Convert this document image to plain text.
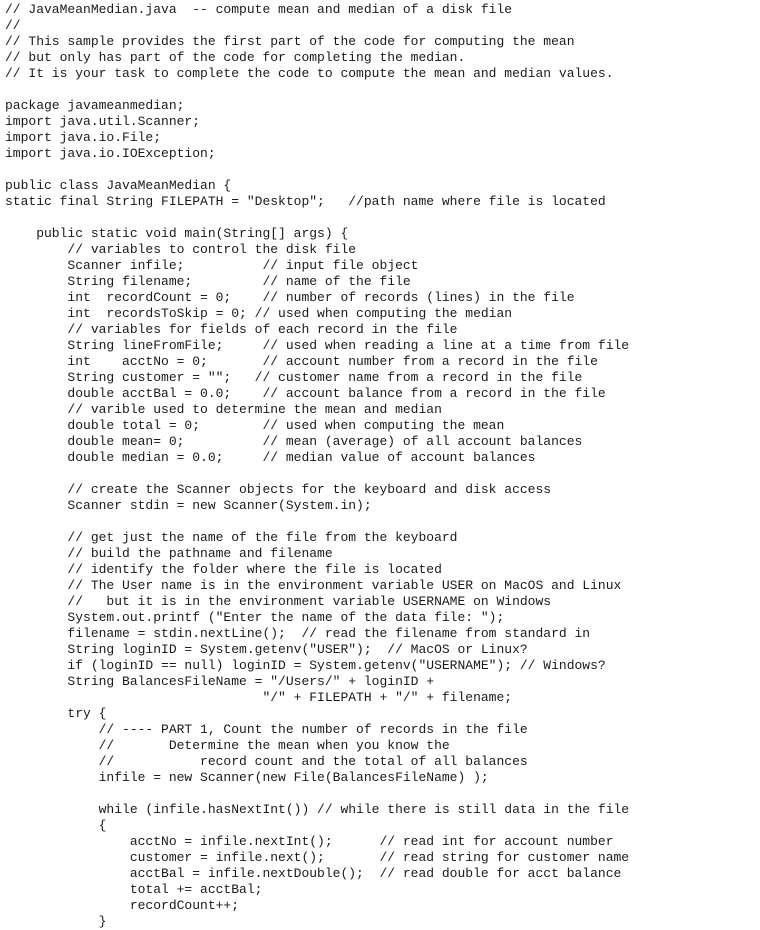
// JavaMeanMedian.java  -- compute mean and median of a disk file
//
// This sample provides the first part of the code for computing the mean
// but only has part of the code for completing the median.
// It is your task to complete the code to compute the mean and median values.
package javameanmedian;
import java.util.Scanner;
import java.io.File;
import java.io.IOException;
public class JavaMeanMedian {
static final String FILEPATH = "Desktop";   //path name where file is located
public static void main(String[] args) {
// variables to control the disk file
Scanner infile;          // input file object
String filename;         // name of the file
int  recordCount = 0;    // number of records (lines) in the file
int  recordsToSkip = 0; // used when computing the median
// variables for fields of each record in the file
String lineFromFile;     // used when reading a line at a time from file
int    acctNo = 0;       // account number from a record in the file
String customer = "";   // customer name from a record in the file
double acctBal = 0.0;    // account balance from a record in the file
// varible used to determine the mean and median
double total = 0;        // used when computing the mean
double mean= 0;          // mean (average) of all account balances
double median = 0.0;     // median value of account balances
// create the Scanner objects for the keyboard and disk access
Scanner stdin = new Scanner(System.in);
// get just the name of the file from the keyboard
// build the pathname and filename
// identify the folder where the file is located
// The User name is in the environment variable USER on MacOS and Linux
//   but it is in the environment variable USERNAME on Windows
System.out.printf ("Enter the name of the data file: ");
filename = stdin.nextLine();  // read the filename from standard in
String loginID = System.getenv("USER");  // MacOS or Linux?
if (loginID == null) loginID = System.getenv("USERNAME"); // Windows?
String BalancesFileName = "/Users/" + loginID +
"/" + FILEPATH + "/" + filename;
try {
// ---- PART 1, Count the number of records in the file
//       Determine the mean when you know the
//           record count and the total of all balances
infile = new Scanner(new File(BalancesFileName) );
while (infile.hasNextInt()) // while there is still data in the file
{
acctNo = infile.nextInt();      // read int for account number
customer = infile.next();       // read string for customer name
acctBal = infile.nextDouble();  // read double for acct balance
total += acctBal;
recordCount++;
}
